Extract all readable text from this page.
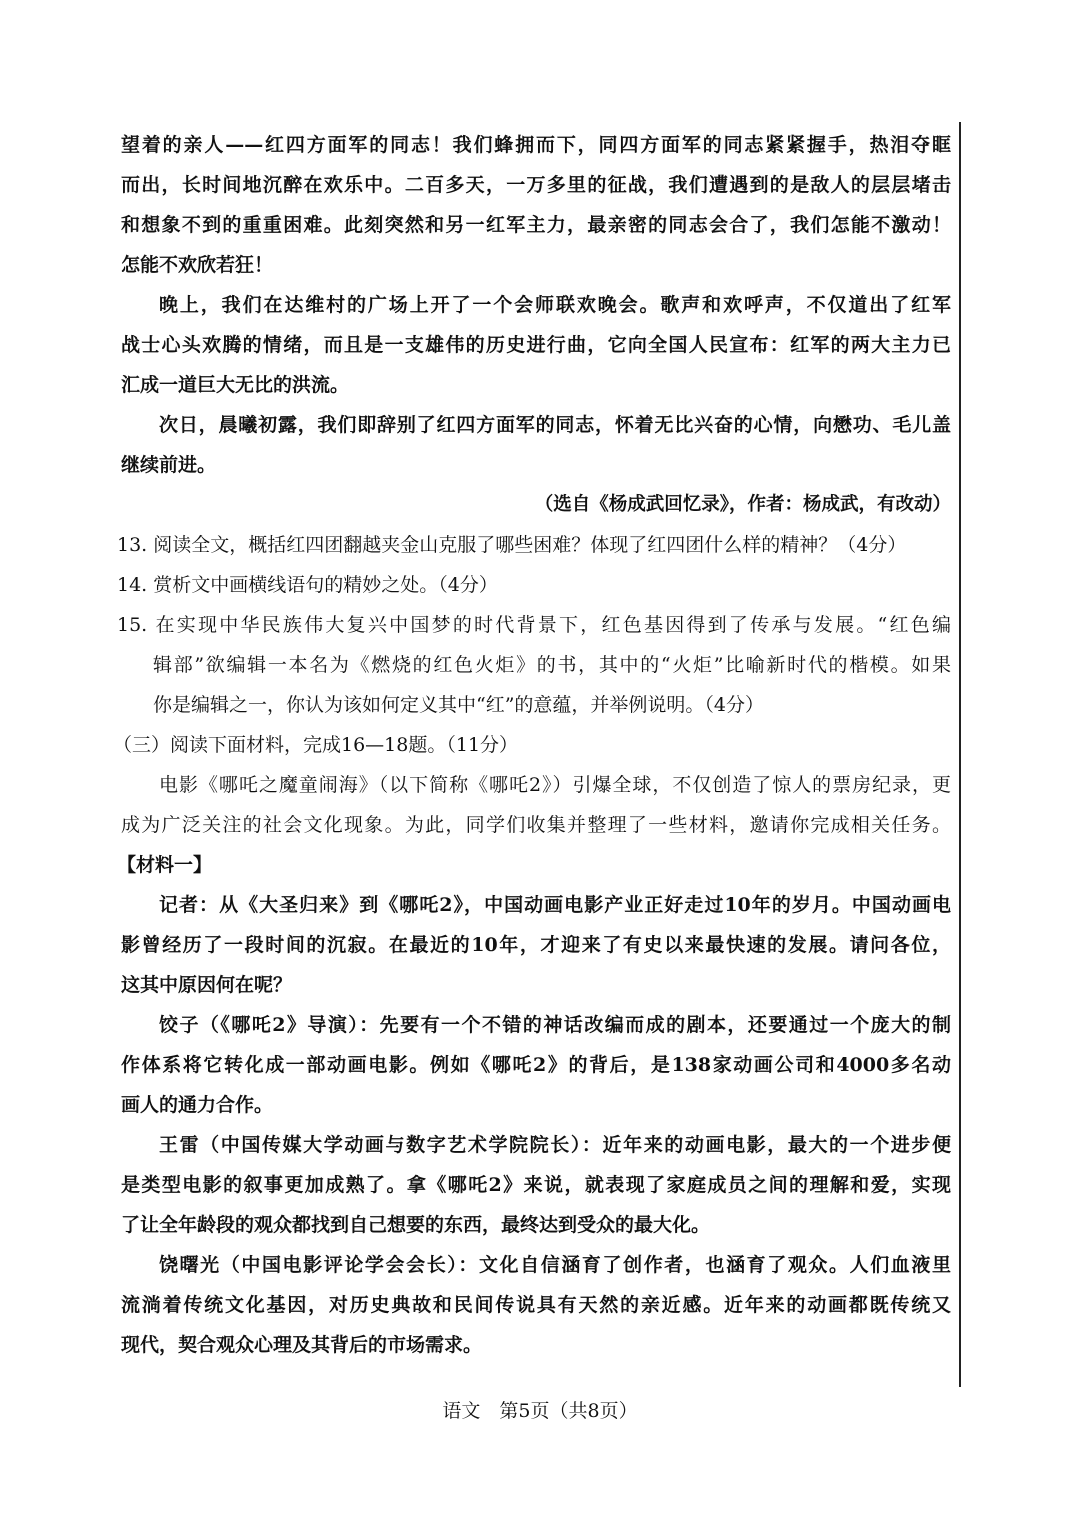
望着的亲人——红四方面军的同志！我们蜂拥而下，同四方面军的同志紧紧握手，热泪夺眶
而出，长时间地沉醉在欢乐中。二百多天，一万多里的征战，我们遭遇到的是敌人的层层堵击
和想象不到的重重困难。此刻突然和另一红军主力，最亲密的同志会合了，我们怎能不激动！
怎能不欢欣若狂！
晚上，我们在达维村的广场上开了一个会师联欢晚会。歌声和欢呼声，不仅道出了红军
战士心头欢腾的情绪，而且是一支雄伟的历史进行曲，它向全国人民宣布：红军的两大主力已
汇成一道巨大无比的洪流。
次日，晨曦初露，我们即辞别了红四方面军的同志，怀着无比兴奋的心情，向懋功、毛儿盖
继续前进。
（选自《杨成武回忆录》，作者：杨成武，有改动）
13. 阅读全文，概括红四团翻越夹金山克服了哪些困难？体现了红四团什么样的精神？（4分）
14. 赏析文中画横线语句的精妙之处。（4分）
15. 在实现中华民族伟大复兴中国梦的时代背景下，红色基因得到了传承与发展。“红色编
辑部”欲编辑一本名为《燃烧的红色火炬》的书，其中的“火炬”比喻新时代的楷模。如果
你是编辑之一，你认为该如何定义其中“红”的意蕴，并举例说明。（4分）
（三）阅读下面材料，完成16—18题。（11分）
电影《哪吒之魔童闹海》（以下简称《哪吒2》）引爆全球，不仅创造了惊人的票房纪录，更
成为广泛关注的社会文化现象。为此，同学们收集并整理了一些材料，邀请你完成相关任务。
【材料一】
记者：从《大圣归来》到《哪吒2》，中国动画电影产业正好走过10年的岁月。中国动画电
影曾经历了一段时间的沉寂。在最近的10年，才迎来了有史以来最快速的发展。请问各位，
这其中原因何在呢？
饺子（《哪吒2》导演）：先要有一个不错的神话改编而成的剧本，还要通过一个庞大的制
作体系将它转化成一部动画电影。例如《哪吒2》的背后，是138家动画公司和4000多名动
画人的通力合作。
王雷（中国传媒大学动画与数字艺术学院院长）：近年来的动画电影，最大的一个进步便
是类型电影的叙事更加成熟了。拿《哪吒2》来说，就表现了家庭成员之间的理解和爱，实现
了让全年龄段的观众都找到自己想要的东西，最终达到受众的最大化。
饶曙光（中国电影评论学会会长）：文化自信涵育了创作者，也涵育了观众。人们血液里
流淌着传统文化基因，对历史典故和民间传说具有天然的亲近感。近年来的动画都既传统又
现代，契合观众心理及其背后的市场需求。
语文　第5页（共8页）
